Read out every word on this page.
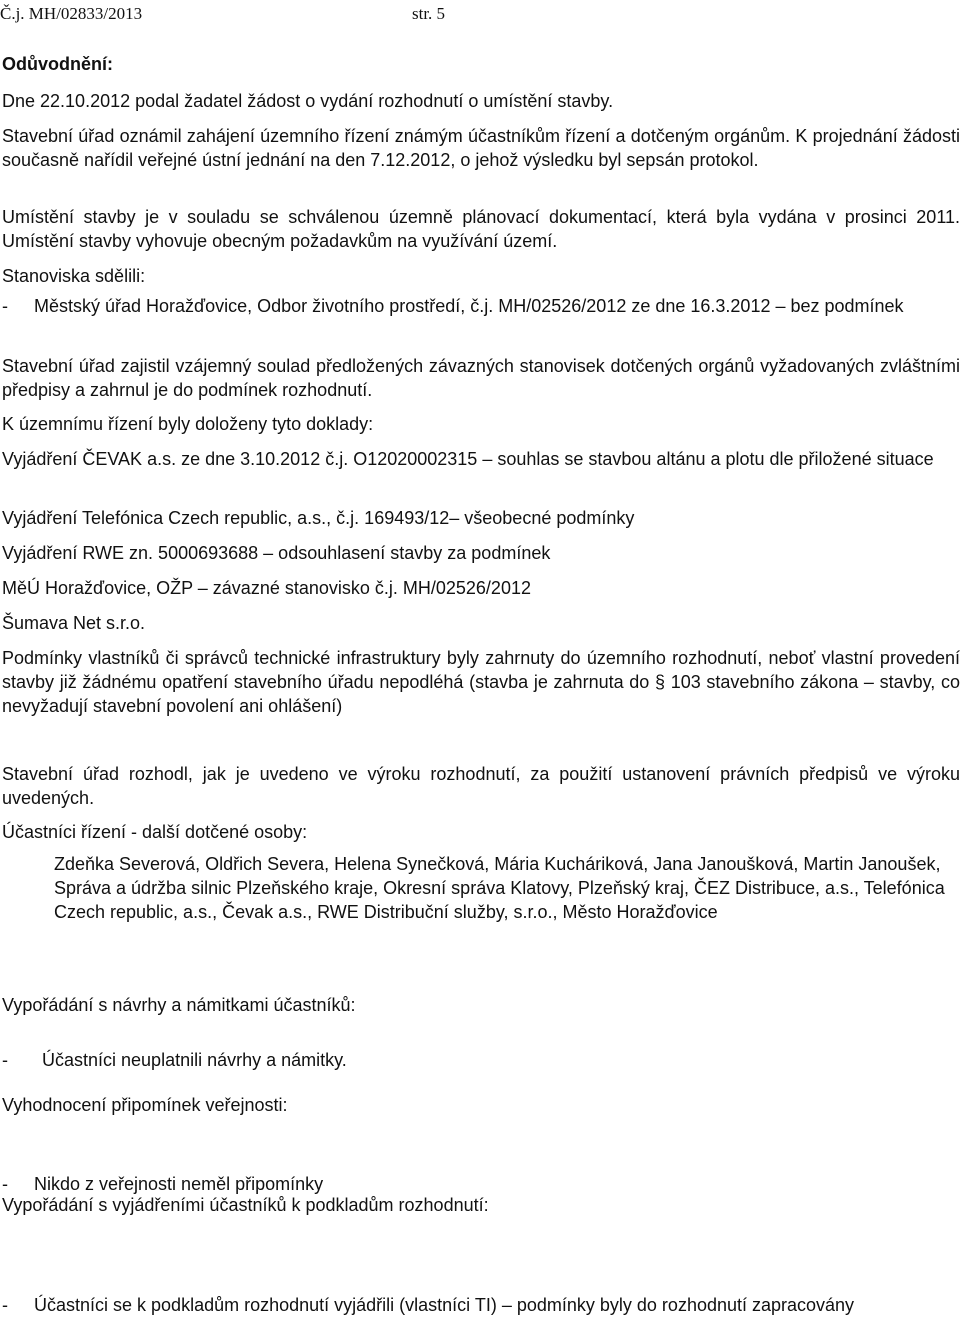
Č.j. MH/02833/2013	str. 5
Odůvodnění:
Dne 22.10.2012 podal žadatel žádost o vydání rozhodnutí o umístění stavby.
Stavební úřad oznámil zahájení územního řízení známým účastníkům řízení a dotčeným orgánům. K projednání žádosti současně nařídil veřejné ústní jednání na den 7.12.2012, o jehož výsledku byl sepsán protokol.
Umístění stavby je v souladu se schválenou územně plánovací dokumentací, která byla vydána v prosinci 2011. Umístění stavby vyhovuje obecným požadavkům na využívání území.
Stanoviska sdělili:
- Městský úřad Horažďovice, Odbor životního prostředí, č.j. MH/02526/2012 ze dne 16.3.2012 – bez podmínek
Stavební úřad zajistil vzájemný soulad předložených závazných stanovisek dotčených orgánů vyžadovaných zvláštními předpisy a zahrnul je do podmínek rozhodnutí.
K územnímu řízení byly doloženy tyto doklady:
Vyjádření ČEVAK a.s. ze dne 3.10.2012 č.j. O12020002315 – souhlas se stavbou altánu a plotu dle přiložené situace
Vyjádření Telefónica Czech republic, a.s., č.j. 169493/12– všeobecné podmínky
Vyjádření RWE zn. 5000693688 – odsouhlasení stavby za podmínek
MěÚ Horažďovice, OŽP – závazné stanovisko č.j. MH/02526/2012
Šumava Net s.r.o.
Podmínky vlastníků či správců technické infrastruktury byly zahrnuty do územního rozhodnutí, neboť vlastní provedení stavby již žádnému opatření stavebního úřadu nepodléhá (stavba je zahrnuta do § 103 stavebního zákona – stavby, co nevyžadují stavební povolení ani ohlášení)
Stavební úřad rozhodl, jak je uvedeno ve výroku rozhodnutí, za použití ustanovení právních předpisů ve výroku uvedených.
Účastníci řízení - další dotčené osoby:
Zdeňka Severová, Oldřich Severa, Helena Synečková, Mária Kucháriková, Jana Janoušková, Martin Janoušek, Správa a údržba silnic Plzeňského kraje, Okresní správa Klatovy, Plzeňský kraj, ČEZ Distribuce, a.s., Telefónica Czech republic, a.s., Čevak a.s., RWE Distribuční služby, s.r.o., Město Horažďovice
Vypořádání s návrhy a námitkami účastníků:
- Účastníci neuplatnili návrhy a námitky.
Vyhodnocení připomínek veřejnosti:
- Nikdo z veřejnosti neměl připomínky
Vypořádání s vyjádřeními účastníků k podkladům rozhodnutí:
- Účastníci se k podkladům rozhodnutí vyjádřili (vlastníci TI) – podmínky byly do rozhodnutí zapracovány
